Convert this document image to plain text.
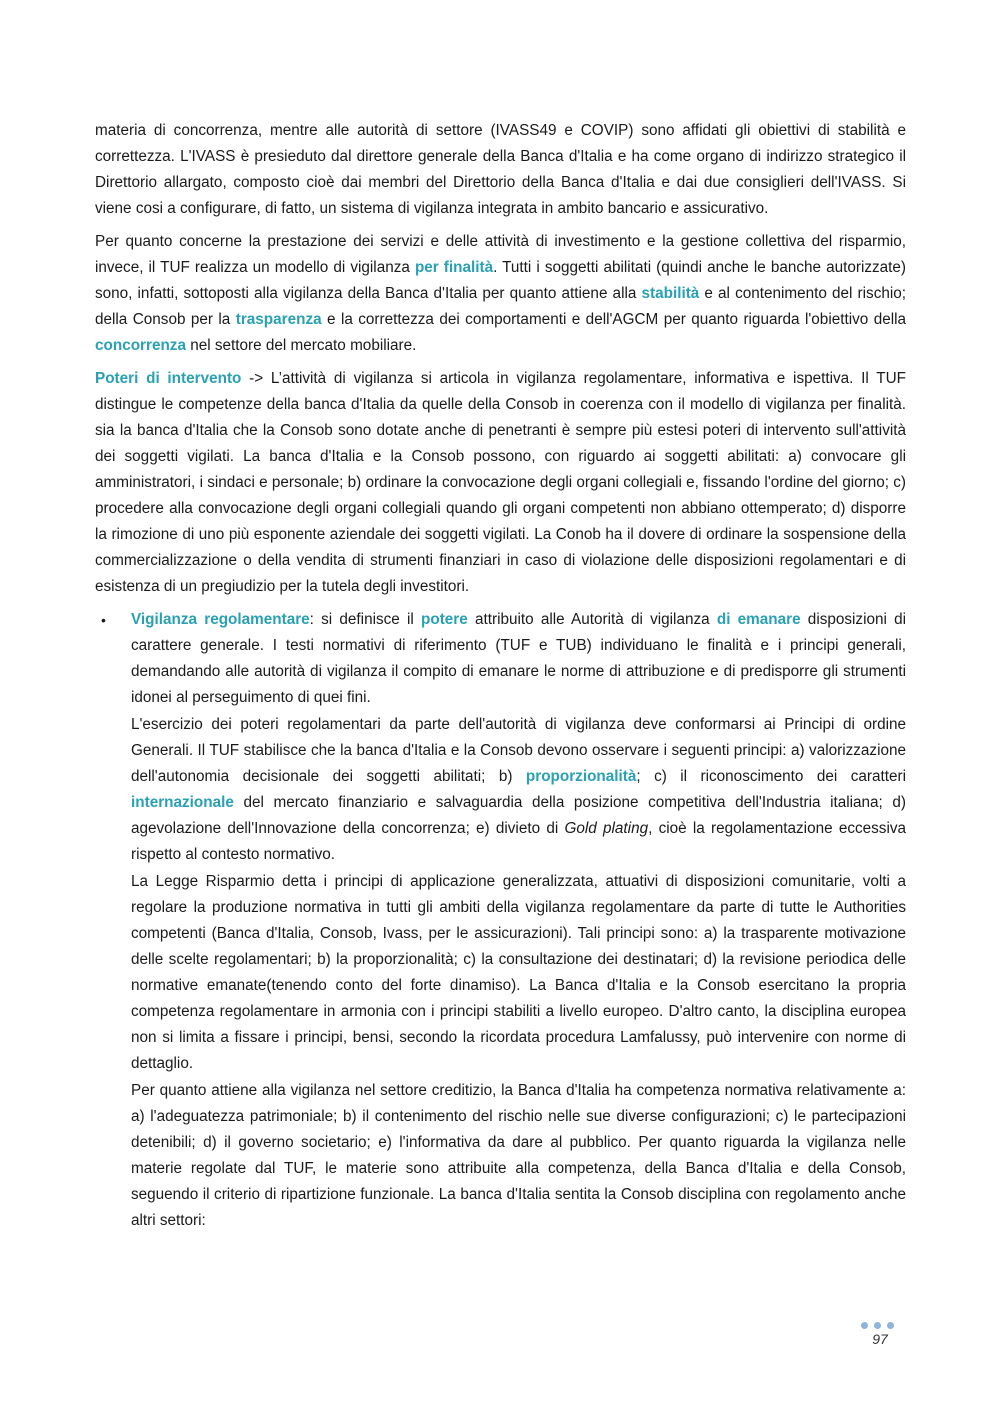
materia di concorrenza, mentre alle autorità di settore (IVASS49 e COVIP) sono affidati gli obiettivi di stabilità e correttezza. L'IVASS è presieduto dal direttore generale della Banca d'Italia e ha come organo di indirizzo strategico il Direttorio allargato, composto cioè dai membri del Direttorio della Banca d'Italia e dai due consiglieri dell'IVASS. Si viene cosi a configurare, di fatto, un sistema di vigilanza integrata in ambito bancario e assicurativo.

Per quanto concerne la prestazione dei servizi e delle attività di investimento e la gestione collettiva del risparmio, invece, il TUF realizza un modello di vigilanza per finalità. Tutti i soggetti abilitati (quindi anche le banche autorizzate) sono, infatti, sottoposti alla vigilanza della Banca d'Italia per quanto attiene alla stabilità e al contenimento del rischio; della Consob per la trasparenza e la correttezza dei comportamenti e dell'AGCM per quanto riguarda l'obiettivo della concorrenza nel settore del mercato mobiliare.

Poteri di intervento -> L’attività di vigilanza si articola in vigilanza regolamentare, informativa e ispettiva. Il TUF distingue le competenze della banca d'Italia da quelle della Consob in coerenza con il modello di vigilanza per finalità. sia la banca d'Italia che la Consob sono dotate anche di penetranti è sempre più estesi poteri di intervento sull'attività dei soggetti vigilati. La banca d'Italia e la Consob possono, con riguardo ai soggetti abilitati: a) convocare gli amministratori, i sindaci e personale; b) ordinare la convocazione degli organi collegiali e, fissando l'ordine del giorno; c) procedere alla convocazione degli organi collegiali quando gli organi competenti non abbiano ottemperato; d) disporre la rimozione di uno più esponente aziendale dei soggetti vigilati. La Conob ha il dovere di ordinare la sospensione della commercializzazione o della vendita di strumenti finanziari in caso di violazione delle disposizioni regolamentari e di esistenza di un pregiudizio per la tutela degli investitori.

• Vigilanza regolamentare: si definisce il potere attribuito alle Autorità di vigilanza di emanare disposizioni di carattere generale. I testi normativi di riferimento (TUF e TUB) individuano le finalità e i principi generali, demandando alle autorità di vigilanza il compito di emanare le norme di attribuzione e di predisporre gli strumenti idonei al perseguimento di quei fini.

L'esercizio dei poteri regolamentari da parte dell'autorità di vigilanza deve conformarsi ai Principi di ordine Generali. Il TUF stabilisce che la banca d'Italia e la Consob devono osservare i seguenti principi: a) valorizzazione dell'autonomia decisionale dei soggetti abilitati; b) proporzionalità; c) il riconoscimento dei caratteri internazionale del mercato finanziario e salvaguardia della posizione competitiva dell'Industria italiana; d) agevolazione dell'Innovazione della concorrenza; e) divieto di Gold plating, cioè la regolamentazione eccessiva rispetto al contesto normativo.

La Legge Risparmio detta i principi di applicazione generalizzata, attuativi di disposizioni comunitarie, volti a regolare la produzione normativa in tutti gli ambiti della vigilanza regolamentare da parte di tutte le Authorities competenti (Banca d'Italia, Consob, Ivass, per le assicurazioni). Tali principi sono: a) la trasparente motivazione delle scelte regolamentari; b) la proporzionalità; c) la consultazione dei destinatari; d) la revisione periodica delle normative emanate(tenendo conto del forte dinamiso). La Banca d'Italia e la Consob esercitano la propria competenza regolamentare in armonia con i principi stabiliti a livello europeo. D'altro canto, la disciplina europea non si limita a fissare i principi, bensi, secondo la ricordata procedura Lamfalussy, può intervenire con norme di dettaglio.

Per quanto attiene alla vigilanza nel settore creditizio, la Banca d'Italia ha competenza normativa relativamente a: a) l'adeguatezza patrimoniale; b) il contenimento del rischio nelle sue diverse configurazioni; c) le partecipazioni detenibili; d) il governo societario; e) l'informativa da dare al pubblico. Per quanto riguarda la vigilanza nelle materie regolate dal TUF, le materie sono attribuite alla competenza, della Banca d'Italia e della Consob, seguendo il criterio di ripartizione funzionale. La banca d'Italia sentita la Consob disciplina con regolamento anche altri settori:

97
